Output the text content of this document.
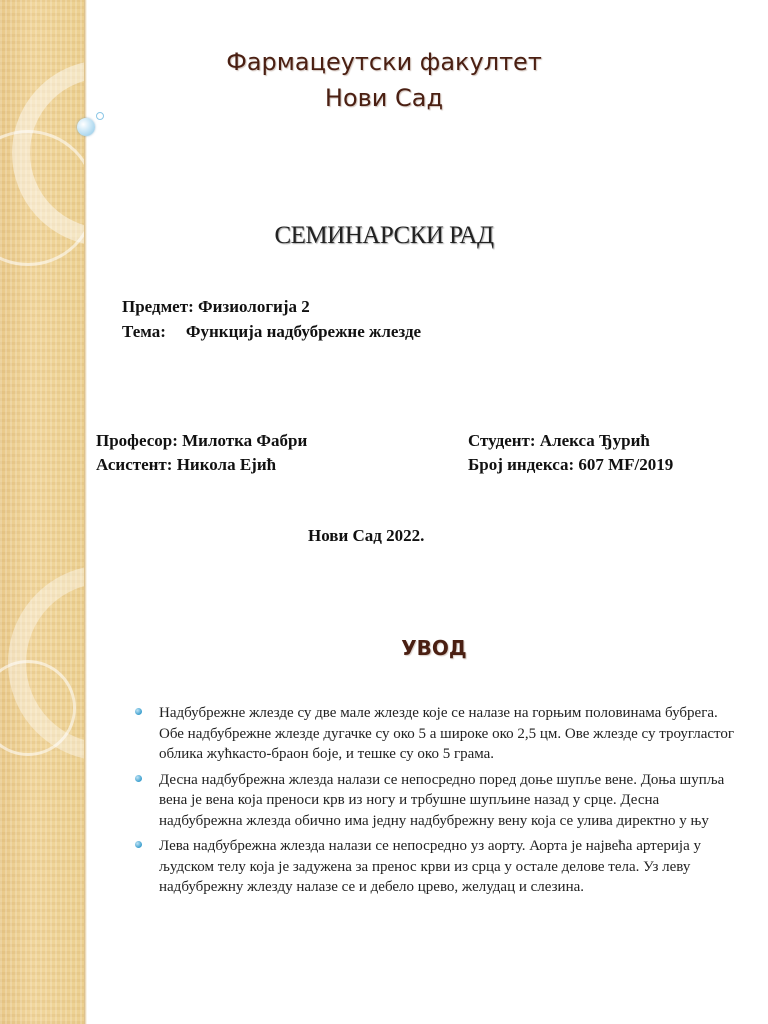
Фармацеутски факултет
Нови Сад
СЕМИНАРСКИ РАД
Предмет: Физиологија 2
Тема: Функција надбубрежне жлезде
Професор: Милотка Фабри
Асистент: Никола Ејић
Студент: Алекса Ђурић
Број индекса: 607 MF/2019
Нови Сад 2022.
УВОД
Надбубрежне жлезде су две мале жлезде које се налазе на горњим половинама бубрега. Обе надбубрежне жлезде дугачке су око 5 а широке око 2,5 цм. Ове жлезде су троугластог облика жућкасто-браон боје, и тешке су око 5 грама.
Десна надбубрежна жлезда налази се непосредно поред доње шупље вене. Доња шупља вена је вена која преноси крв из ногу и трбушне шупљине назад у срце. Десна надбубрежна жлезда обично има једну надбубрежну вену која се улива директно у њу
Лева надбубрежна жлезда налази се непосредно уз аорту. Аорта је највећа артерија у људском телу која је задужена за пренос крви из срца у остале делове тела. Уз леву надбубрежну жлезду налазе се и дебело црево, желудац и слезина.
